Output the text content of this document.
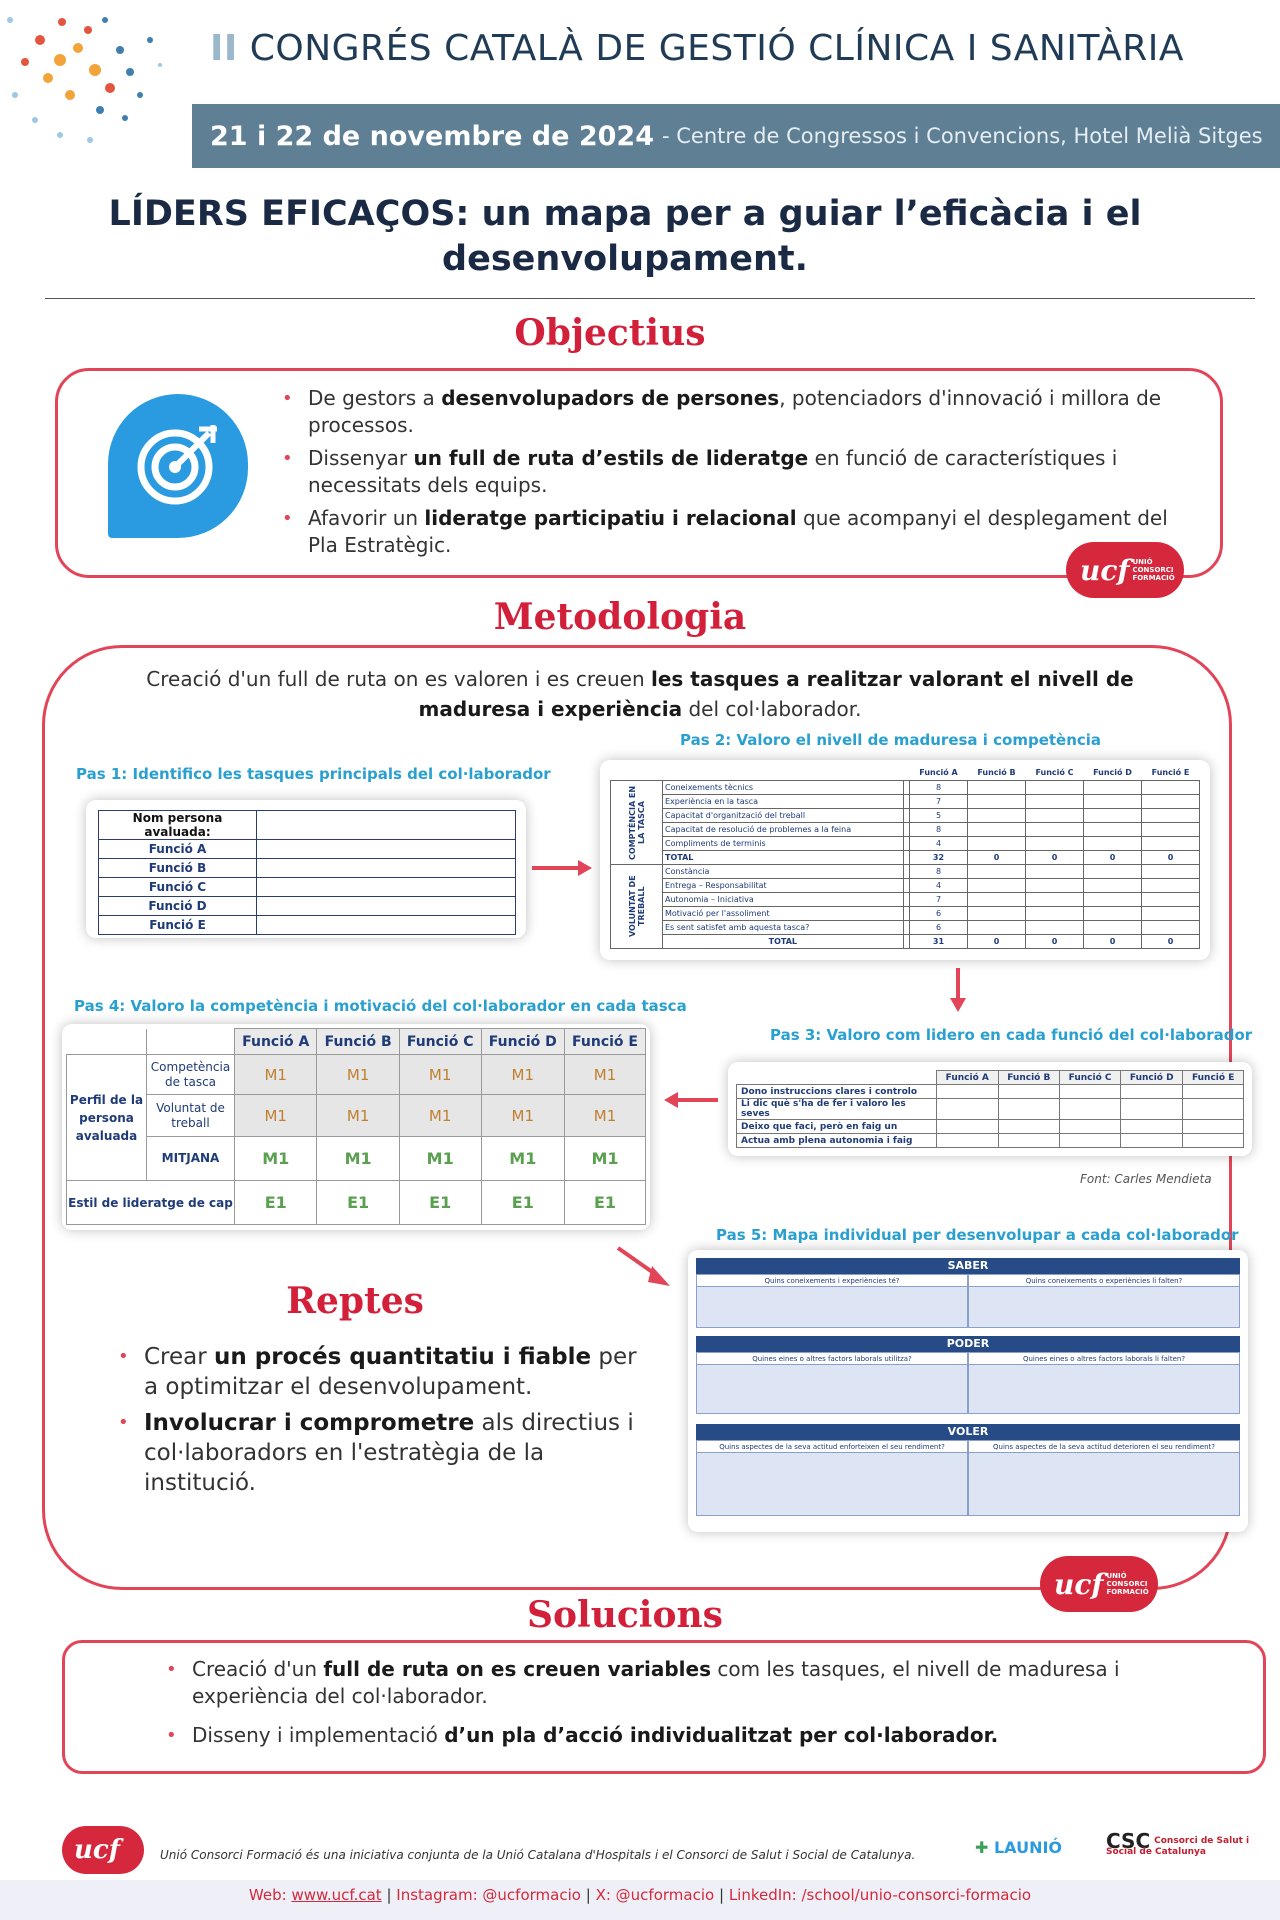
II CONGRÉS CATALÀ DE GESTIÓ CLÍNICA I SANITÀRIA
21 i 22 de novembre de 2024 - Centre de Congressos i Convencions, Hotel Melià Sitges
LÍDERS EFICAÇOS: un mapa per a guiar l’eficàcia i el desenvolupament.
Objectius
• De gestors a desenvolupadors de persones, potenciadors d'innovació i millora de processos.
• Dissenyar un full de ruta d’estils de lideratge en funció de característiques i necessitats dels equips.
• Afavorir un lideratge participatiu i relacional que acompanyi el desplegament del Pla Estratègic.
ucf UNIÓ
CONSORCI
FORMACIÓ
Metodologia
Creació d'un full de ruta on es valoren i es creuen les tasques a realitzar valorant el nivell de maduresa i experiència del col·laborador.
Pas 1: Identifico les tasques principals del col·laborador
Nom persona avaluada:	
Funció A	
Funció B	
Funció C	
Funció D	
Funció E	
Pas 2: Valoro el nivell de maduresa i competència
			Funció A	Funció B	Funció C	Funció D	Funció E

COMPTÈNCIA EN LA TASCA	Coneixements tècnics		8				
	Experiència en la tasca		7				
	Capacitat d'organització del treball		5				
	Capacitat de resolució de problemes a la feina		8				
	Compliments de terminis		4				
	TOTAL		32	0	0	0	0

VOLUNTAT DE TREBALL	Constància		8				
	Entrega – Responsabilitat		4				
	Autonomia – Iniciativa		7				
	Motivació per l'assoliment		6				
	Es sent satisfet amb aquesta tasca?		6				
	TOTAL		31	0	0	0	0
Pas 4: Valoro la competència i motivació del col·laborador en cada tasca
		Funció A	Funció B	Funció C	Funció D	Funció E
Perfil de la persona avaluada	Competència de tasca	M1	M1	M1	M1	M1
	Voluntat de treball	M1	M1	M1	M1	M1
	MITJANA	M1	M1	M1	M1	M1
Estil de lideratge de cap		E1	E1	E1	E1	E1
Pas 3: Valoro com lidero en cada funció del col·laborador
	Funció A	Funció B	Funció C	Funció D	Funció E
Dono instruccions clares i controlo					
Li dic què s'ha de fer i valoro les seves					
Deixo que faci, però en faig un					
Actua amb plena autonomia i faig					
Font: Carles Mendieta
Pas 5: Mapa individual per desenvolupar a cada col·laborador
SABER
Quins coneixements i experiències té?	Quins coneixements o experiències li falten?
PODER
Quines eines o altres factors laborals utilitza?	Quines eines o altres factors laborals li falten?
VOLER
Quins aspectes de la seva actitud enforteixen el seu rendiment?	Quins aspectes de la seva actitud deterioren el seu rendiment?
Reptes
• Crear un procés quantitatiu i fiable per a optimitzar el desenvolupament.
• Involucrar i comprometre als directius i col·laboradors en l'estratègia de la institució.
ucf UNIÓ
CONSORCI
FORMACIÓ
Solucions
• Creació d'un full de ruta on es creuen variables com les tasques, el nivell de maduresa i experiència del col·laborador.
• Disseny i implementació d’un pla d’acció individualitzat per col·laborador.
ucf	Unió Consorci Formació és una iniciativa conjunta de la Unió Catalana d'Hospitals i el Consorci de Salut i Social de Catalunya.	✚ LAUNIÓ CSC Consorci de Salut i
Social de Catalunya
Web: www.ucf.cat | Instagram: @ucformacio | X: @ucformacio | LinkedIn: /school/unio-consorci-formacio
